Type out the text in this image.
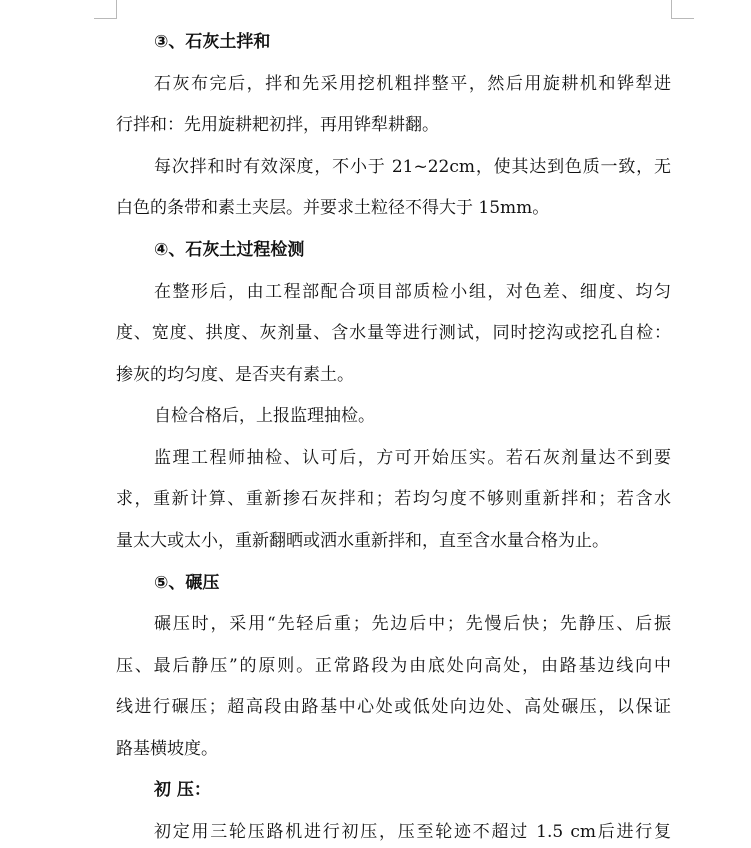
③、石灰土拌和
石灰布完后，拌和先采用挖机粗拌整平，然后用旋耕机和铧犁进
行拌和：先用旋耕耙初拌，再用铧犁耕翻。
每次拌和时有效深度，不小于 21~22cm，使其达到色质一致，无
白色的条带和素土夹层。并要求土粒径不得大于 15mm。
④、石灰土过程检测
在整形后，由工程部配合项目部质检小组，对色差、细度、均匀
度、宽度、拱度、灰剂量、含水量等进行测试，同时挖沟或挖孔自检：
掺灰的均匀度、是否夹有素土。
自检合格后，上报监理抽检。
监理工程师抽检、认可后，方可开始压实。若石灰剂量达不到要
求，重新计算、重新掺石灰拌和；若均匀度不够则重新拌和；若含水
量太大或太小，重新翻晒或洒水重新拌和，直至含水量合格为止。
⑤、碾压
碾压时，采用“先轻后重；先边后中；先慢后快；先静压、后振
压、最后静压”的原则。正常路段为由底处向高处，由路基边线向中
线进行碾压；超高段由路基中心处或低处向边处、高处碾压，以保证
路基横坡度。
初 压：
初定用三轮压路机进行初压，压至轮迹不超过 1.5 cm后进行复
